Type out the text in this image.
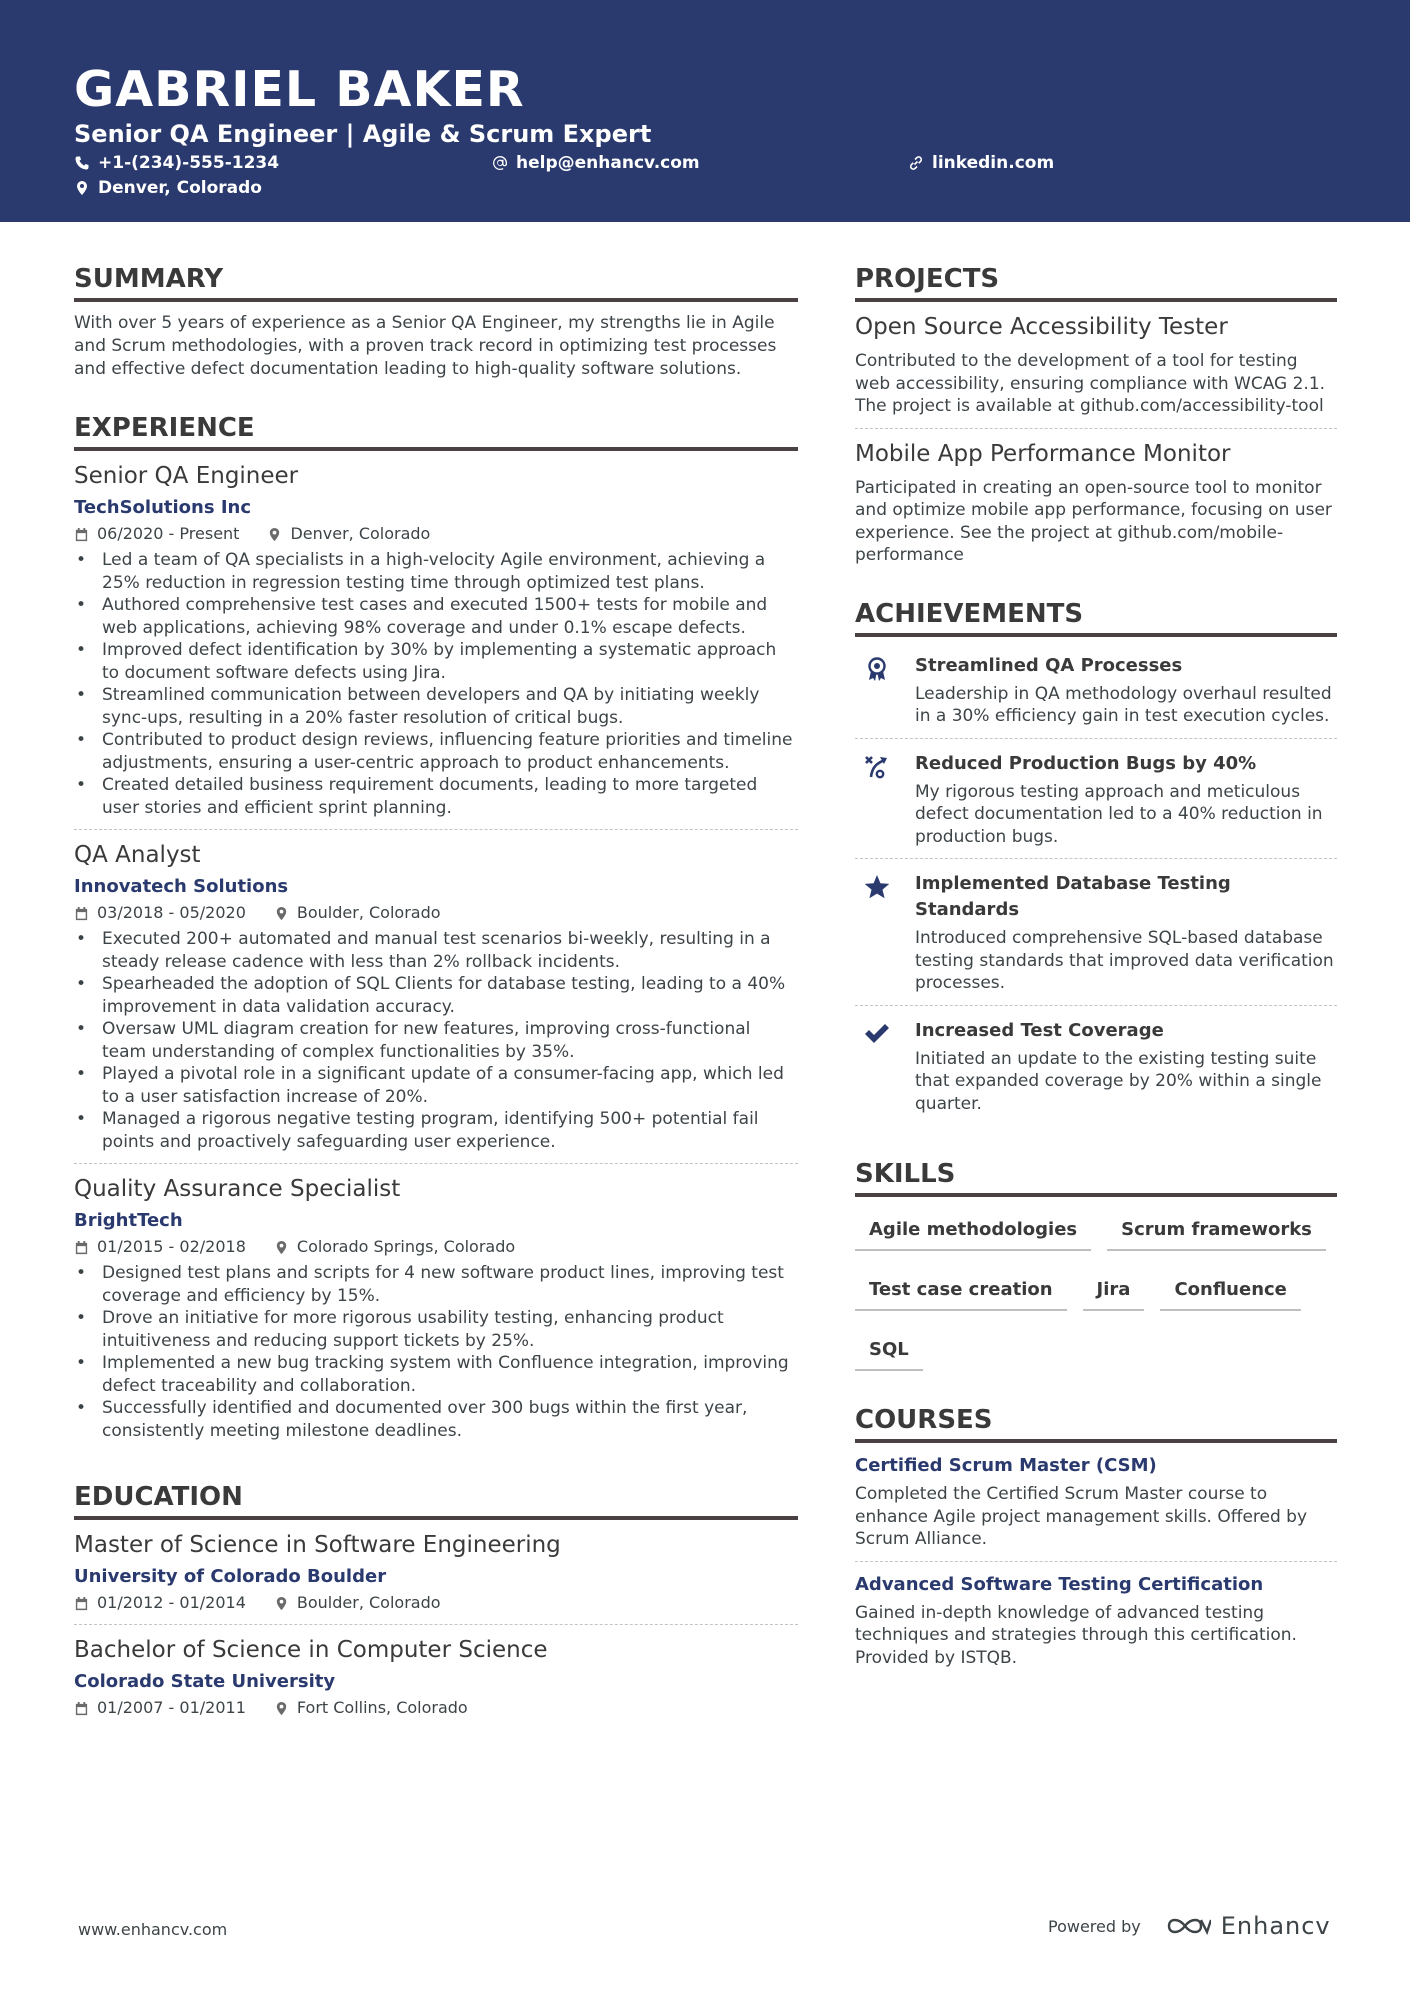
GABRIEL BAKER
Senior QA Engineer | Agile & Scrum Expert
+1-(234)-555-1234	help@enhancv.com	linkedin.com
Denver, Colorado
SUMMARY
With over 5 years of experience as a Senior QA Engineer, my strengths lie in Agile and Scrum methodologies, with a proven track record in optimizing test processes and effective defect documentation leading to high-quality software solutions.
EXPERIENCE
Senior QA Engineer
TechSolutions Inc
06/2020 - Present	Denver, Colorado
• Led a team of QA specialists in a high-velocity Agile environment, achieving a 25% reduction in regression testing time through optimized test plans.
• Authored comprehensive test cases and executed 1500+ tests for mobile and web applications, achieving 98% coverage and under 0.1% escape defects.
• Improved defect identification by 30% by implementing a systematic approach to document software defects using Jira.
• Streamlined communication between developers and QA by initiating weekly sync-ups, resulting in a 20% faster resolution of critical bugs.
• Contributed to product design reviews, influencing feature priorities and timeline adjustments, ensuring a user-centric approach to product enhancements.
• Created detailed business requirement documents, leading to more targeted user stories and efficient sprint planning.
QA Analyst
Innovatech Solutions
03/2018 - 05/2020	Boulder, Colorado
• Executed 200+ automated and manual test scenarios bi-weekly, resulting in a steady release cadence with less than 2% rollback incidents.
• Spearheaded the adoption of SQL Clients for database testing, leading to a 40% improvement in data validation accuracy.
• Oversaw UML diagram creation for new features, improving cross-functional team understanding of complex functionalities by 35%.
• Played a pivotal role in a significant update of a consumer-facing app, which led to a user satisfaction increase of 20%.
• Managed a rigorous negative testing program, identifying 500+ potential fail points and proactively safeguarding user experience.
Quality Assurance Specialist
BrightTech
01/2015 - 02/2018	Colorado Springs, Colorado
• Designed test plans and scripts for 4 new software product lines, improving test coverage and efficiency by 15%.
• Drove an initiative for more rigorous usability testing, enhancing product intuitiveness and reducing support tickets by 25%.
• Implemented a new bug tracking system with Confluence integration, improving defect traceability and collaboration.
• Successfully identified and documented over 300 bugs within the first year, consistently meeting milestone deadlines.
EDUCATION
Master of Science in Software Engineering
University of Colorado Boulder
01/2012 - 01/2014	Boulder, Colorado
Bachelor of Science in Computer Science
Colorado State University
01/2007 - 01/2011	Fort Collins, Colorado
PROJECTS
Open Source Accessibility Tester
Contributed to the development of a tool for testing web accessibility, ensuring compliance with WCAG 2.1. The project is available at github.com/accessibility-tool
Mobile App Performance Monitor
Participated in creating an open-source tool to monitor and optimize mobile app performance, focusing on user experience. See the project at github.com/mobile-performance
ACHIEVEMENTS
Streamlined QA Processes
Leadership in QA methodology overhaul resulted in a 30% efficiency gain in test execution cycles.
Reduced Production Bugs by 40%
My rigorous testing approach and meticulous defect documentation led to a 40% reduction in production bugs.
Implemented Database Testing Standards
Introduced comprehensive SQL-based database testing standards that improved data verification processes.
Increased Test Coverage
Initiated an update to the existing testing suite that expanded coverage by 20% within a single quarter.
SKILLS
Agile methodologies	Scrum frameworks
Test case creation	Jira	Confluence
SQL
COURSES
Certified Scrum Master (CSM)
Completed the Certified Scrum Master course to enhance Agile project management skills. Offered by Scrum Alliance.
Advanced Software Testing Certification
Gained in-depth knowledge of advanced testing techniques and strategies through this certification. Provided by ISTQB.
www.enhancv.com	Powered by	Enhancv
